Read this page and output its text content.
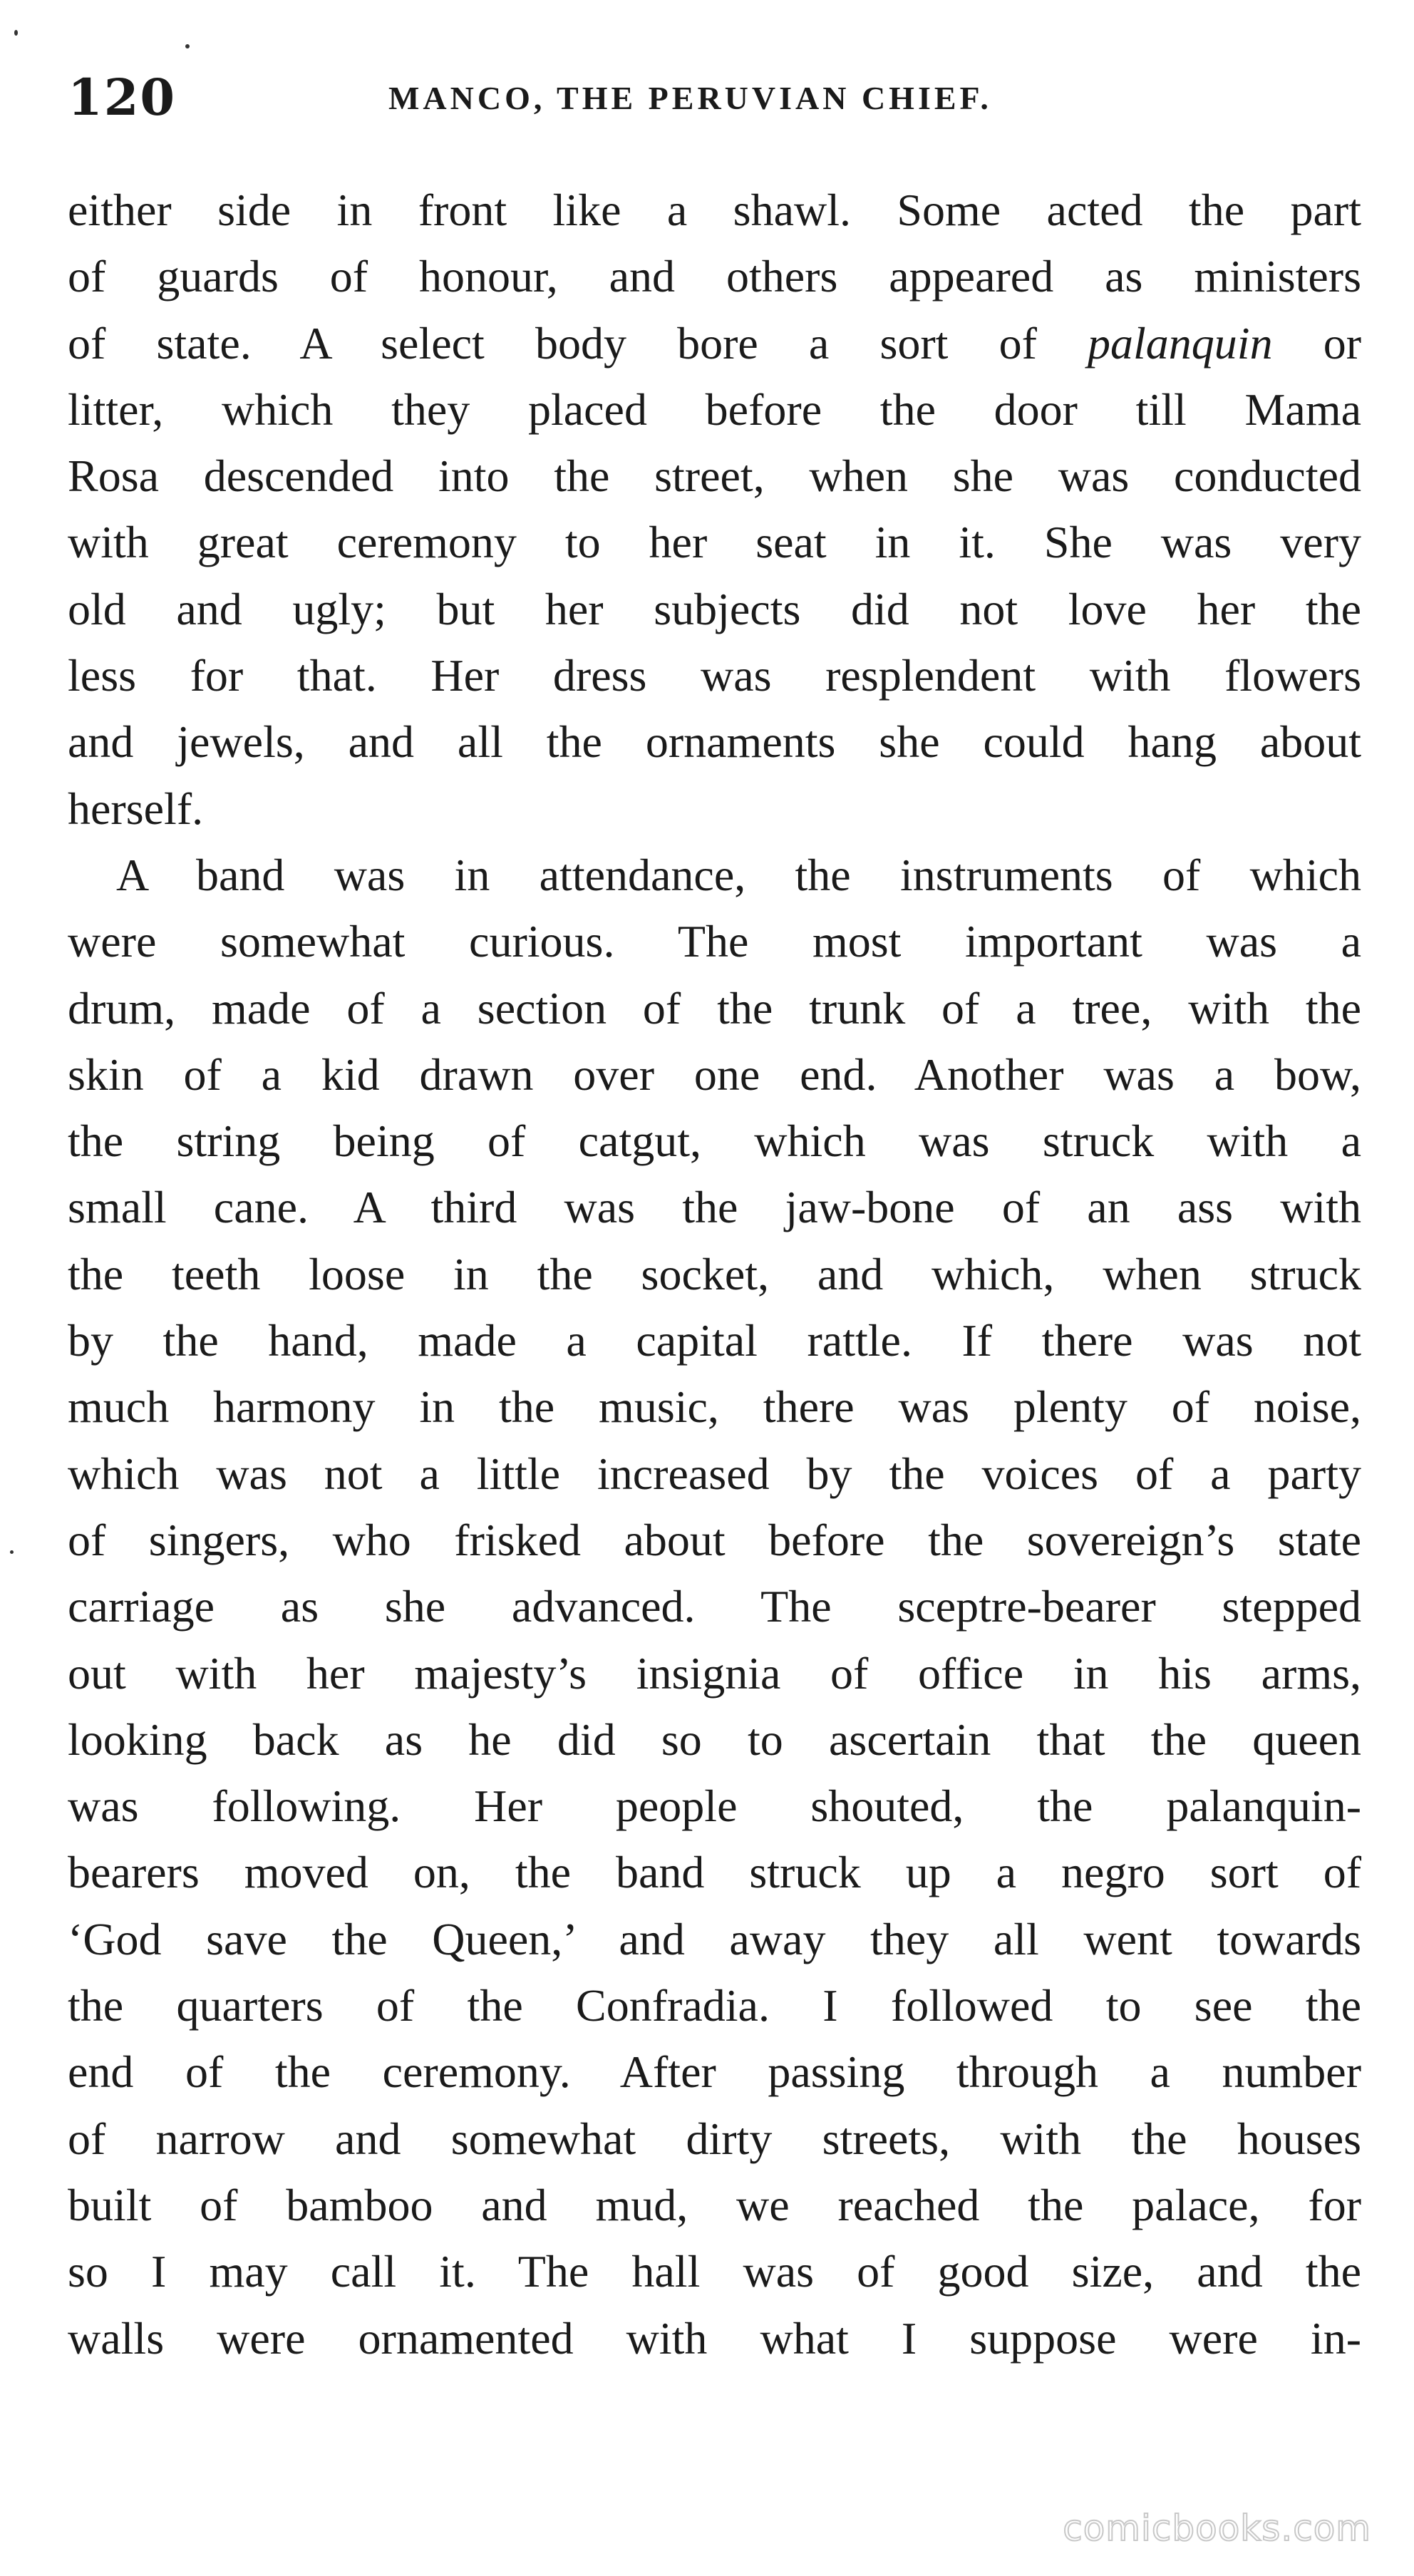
120	MANCO, THE PERUVIAN CHIEF.
either side in front like a shawl. Some acted the part
of guards of honour, and others appeared as ministers
of state. A select body bore a sort of palanquin or
litter, which they placed before the door till Mama
Rosa descended into the street, when she was conducted
with great ceremony to her seat in it. She was very
old and ugly; but her subjects did not love her the
less for that. Her dress was resplendent with flowers
and jewels, and all the ornaments she could hang about
herself.
A band was in attendance, the instruments of which
were somewhat curious. The most important was a
drum, made of a section of the trunk of a tree, with the
skin of a kid drawn over one end. Another was a bow,
the string being of catgut, which was struck with a
small cane. A third was the jaw-bone of an ass with
the teeth loose in the socket, and which, when struck
by the hand, made a capital rattle. If there was not
much harmony in the music, there was plenty of noise,
which was not a little increased by the voices of a party
of singers, who frisked about before the sovereign’s state
carriage as she advanced. The sceptre-bearer stepped
out with her majesty’s insignia of office in his arms,
looking back as he did so to ascertain that the queen
was following. Her people shouted, the palanquin-
bearers moved on, the band struck up a negro sort of
‘God save the Queen,’ and away they all went towards
the quarters of the Confradia. I followed to see the
end of the ceremony. After passing through a number
of narrow and somewhat dirty streets, with the houses
built of bamboo and mud, we reached the palace, for
so I may call it. The hall was of good size, and the
walls were ornamented with what I suppose were in-
comicbooks.com
